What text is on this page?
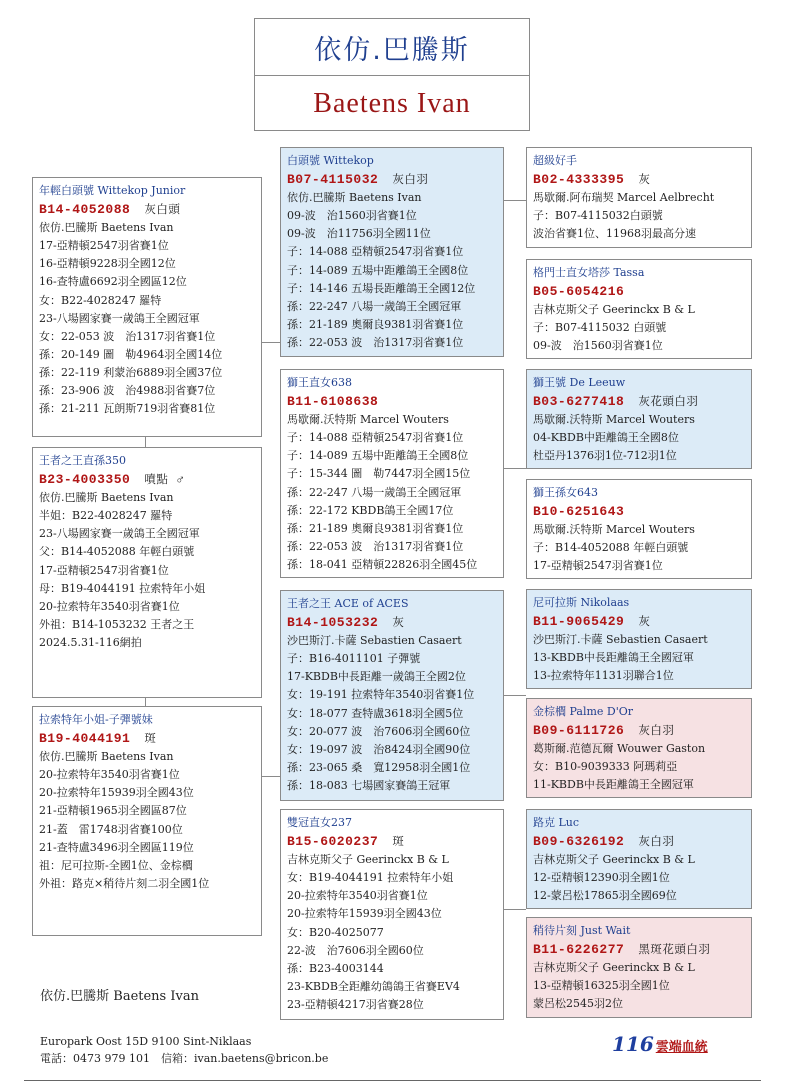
依仿.巴騰斯
Baetens Ivan
年輕白頭號 Wittekop Junior
B14-4052088 灰白頭
依仿.巴騰斯 Baetens Ivan
17-亞精頓2547羽省賽1位
16-亞精頓9228羽全國12位
16-查特盧6692羽全國區12位
女：B22-4028247 羅特
23-八場國家賽一歲鴿王全國冠軍
女：22-053 波　治1317羽省賽1位
孫：20-149 圖　勒4964羽全國14位
孫：22-119 利蒙治6889羽全國37位
孫：23-906 波　治4988羽省賽7位
孫：21-211 瓦朗斯719羽省賽81位
王者之王直孫350
B23-4003350 噴點 ♂
依仿.巴騰斯 Baetens Ivan
半姐：B22-4028247 羅特
23-八場國家賽一歲鴿王全國冠軍
父：B14-4052088 年輕白頭號
17-亞精頓2547羽省賽1位
母：B19-4044191 拉索特年小姐
20-拉索特年3540羽省賽1位
外祖：B14-1053232 王者之王
2024.5.31-116網拍
拉索特年小姐-子彈號妹
B19-4044191 斑
依仿.巴騰斯 Baetens Ivan
20-拉索特年3540羽省賽1位
20-拉索特年15939羽全國43位
21-亞精頓1965羽全國區87位
21-蓋　雷1748羽省賽100位
21-查特盧3496羽全國區119位
祖：尼可拉斯-全國1位、金棕櫚
外祖：路克×稍待片刻二羽全國1位
白頭號 Wittekop
B07-4115032 灰白羽
依仿.巴騰斯 Baetens Ivan
09-波　治1560羽省賽1位
09-波　治11756羽全國11位
子：14-088 亞精頓2547羽省賽1位
子：14-089 五場中距離鴿王全國8位
子：14-146 五場長距離鴿王全國12位
孫：22-247 八場一歲鴿王全國冠軍
孫：21-189 奧爾良9381羽省賽1位
孫：22-053 波　治1317羽省賽1位
獅王直女638
B11-6108638
馬歇爾.沃特斯 Marcel Wouters
子：14-088 亞精頓2547羽省賽1位
子：14-089 五場中距離鴿王全國8位
子：15-344 圖　勒7447羽全國15位
孫：22-247 八場一歲鴿王全國冠軍
孫：22-172 KBDB鴿王全國17位
孫：21-189 奧爾良9381羽省賽1位
孫：22-053 波　治1317羽省賽1位
孫：18-041 亞精頓22826羽全國45位
王者之王 ACE of ACES
B14-1053232 灰
沙巴斯汀.卡薩 Sebastien Casaert
子：B16-4011101 子彈號
17-KBDB中長距離一歲鴿王全國2位
女：19-191 拉索特年3540羽省賽1位
女：18-077 查特盧3618羽全國5位
女：20-077 波　治7606羽全國60位
女：19-097 波　治8424羽全國90位
孫：23-065 桑　寬12958羽全國1位
孫：18-083 七場國家賽鴿王冠軍
雙冠直女237
B15-6020237 斑
吉林克斯父子 Geerinckx B & L
女：B19-4044191 拉索特年小姐
20-拉索特年3540羽省賽1位
20-拉索特年15939羽全國43位
女：B20-4025077
22-波　治7606羽全國60位
孫：B23-4003144
23-KBDB全距離幼鴿鴿王省賽EV4
23-亞精頓4217羽省賽28位
超級好手
B02-4333395 灰
馬歇爾.阿布瑞契 Marcel Aelbrecht
子：B07-4115032白頭號
波治省賽1位、11968羽最高分速
格門士直女塔莎 Tassa
B05-6054216
吉林克斯父子 Geerinckx B & L
子：B07-4115032 白頭號
09-波　治1560羽省賽1位
獅王號 De Leeuw
B03-6277418 灰花頭白羽
馬歇爾.沃特斯 Marcel Wouters
04-KBDB中距離鴿王全國8位
杜亞丹1376羽1位-712羽1位
獅王孫女643
B10-6251643
馬歇爾.沃特斯 Marcel Wouters
子：B14-4052088 年輕白頭號
17-亞精頓2547羽省賽1位
尼可拉斯 Nikolaas
B11-9065429 灰
沙巴斯汀.卡薩 Sebastien Casaert
13-KBDB中長距離鴿王全國冠軍
13-拉索特年1131羽聯合1位
金棕櫚 Palme D'Or
B09-6111726 灰白羽
葛斯爾.范德瓦爾 Wouwer Gaston
女：B10-9039333 阿瑪莉亞
11-KBDB中長距離鴿王全國冠軍
路克 Luc
B09-6326192 灰白羽
吉林克斯父子 Geerinckx B & L
12-亞精頓12390羽全國1位
12-蒙呂松17865羽全國69位
稍待片刻 Just Wait
B11-6226277 黑斑花頭白羽
吉林克斯父子 Geerinckx B & L
13-亞精頓16325羽全國1位
蒙呂松2545羽2位
依仿.巴騰斯 Baetens Ivan
Europark Oost 15D 9100 Sint-Niklaas
電話：0473 979 101　信箱：ivan.baetens@bricon.be
116 雲端血統
